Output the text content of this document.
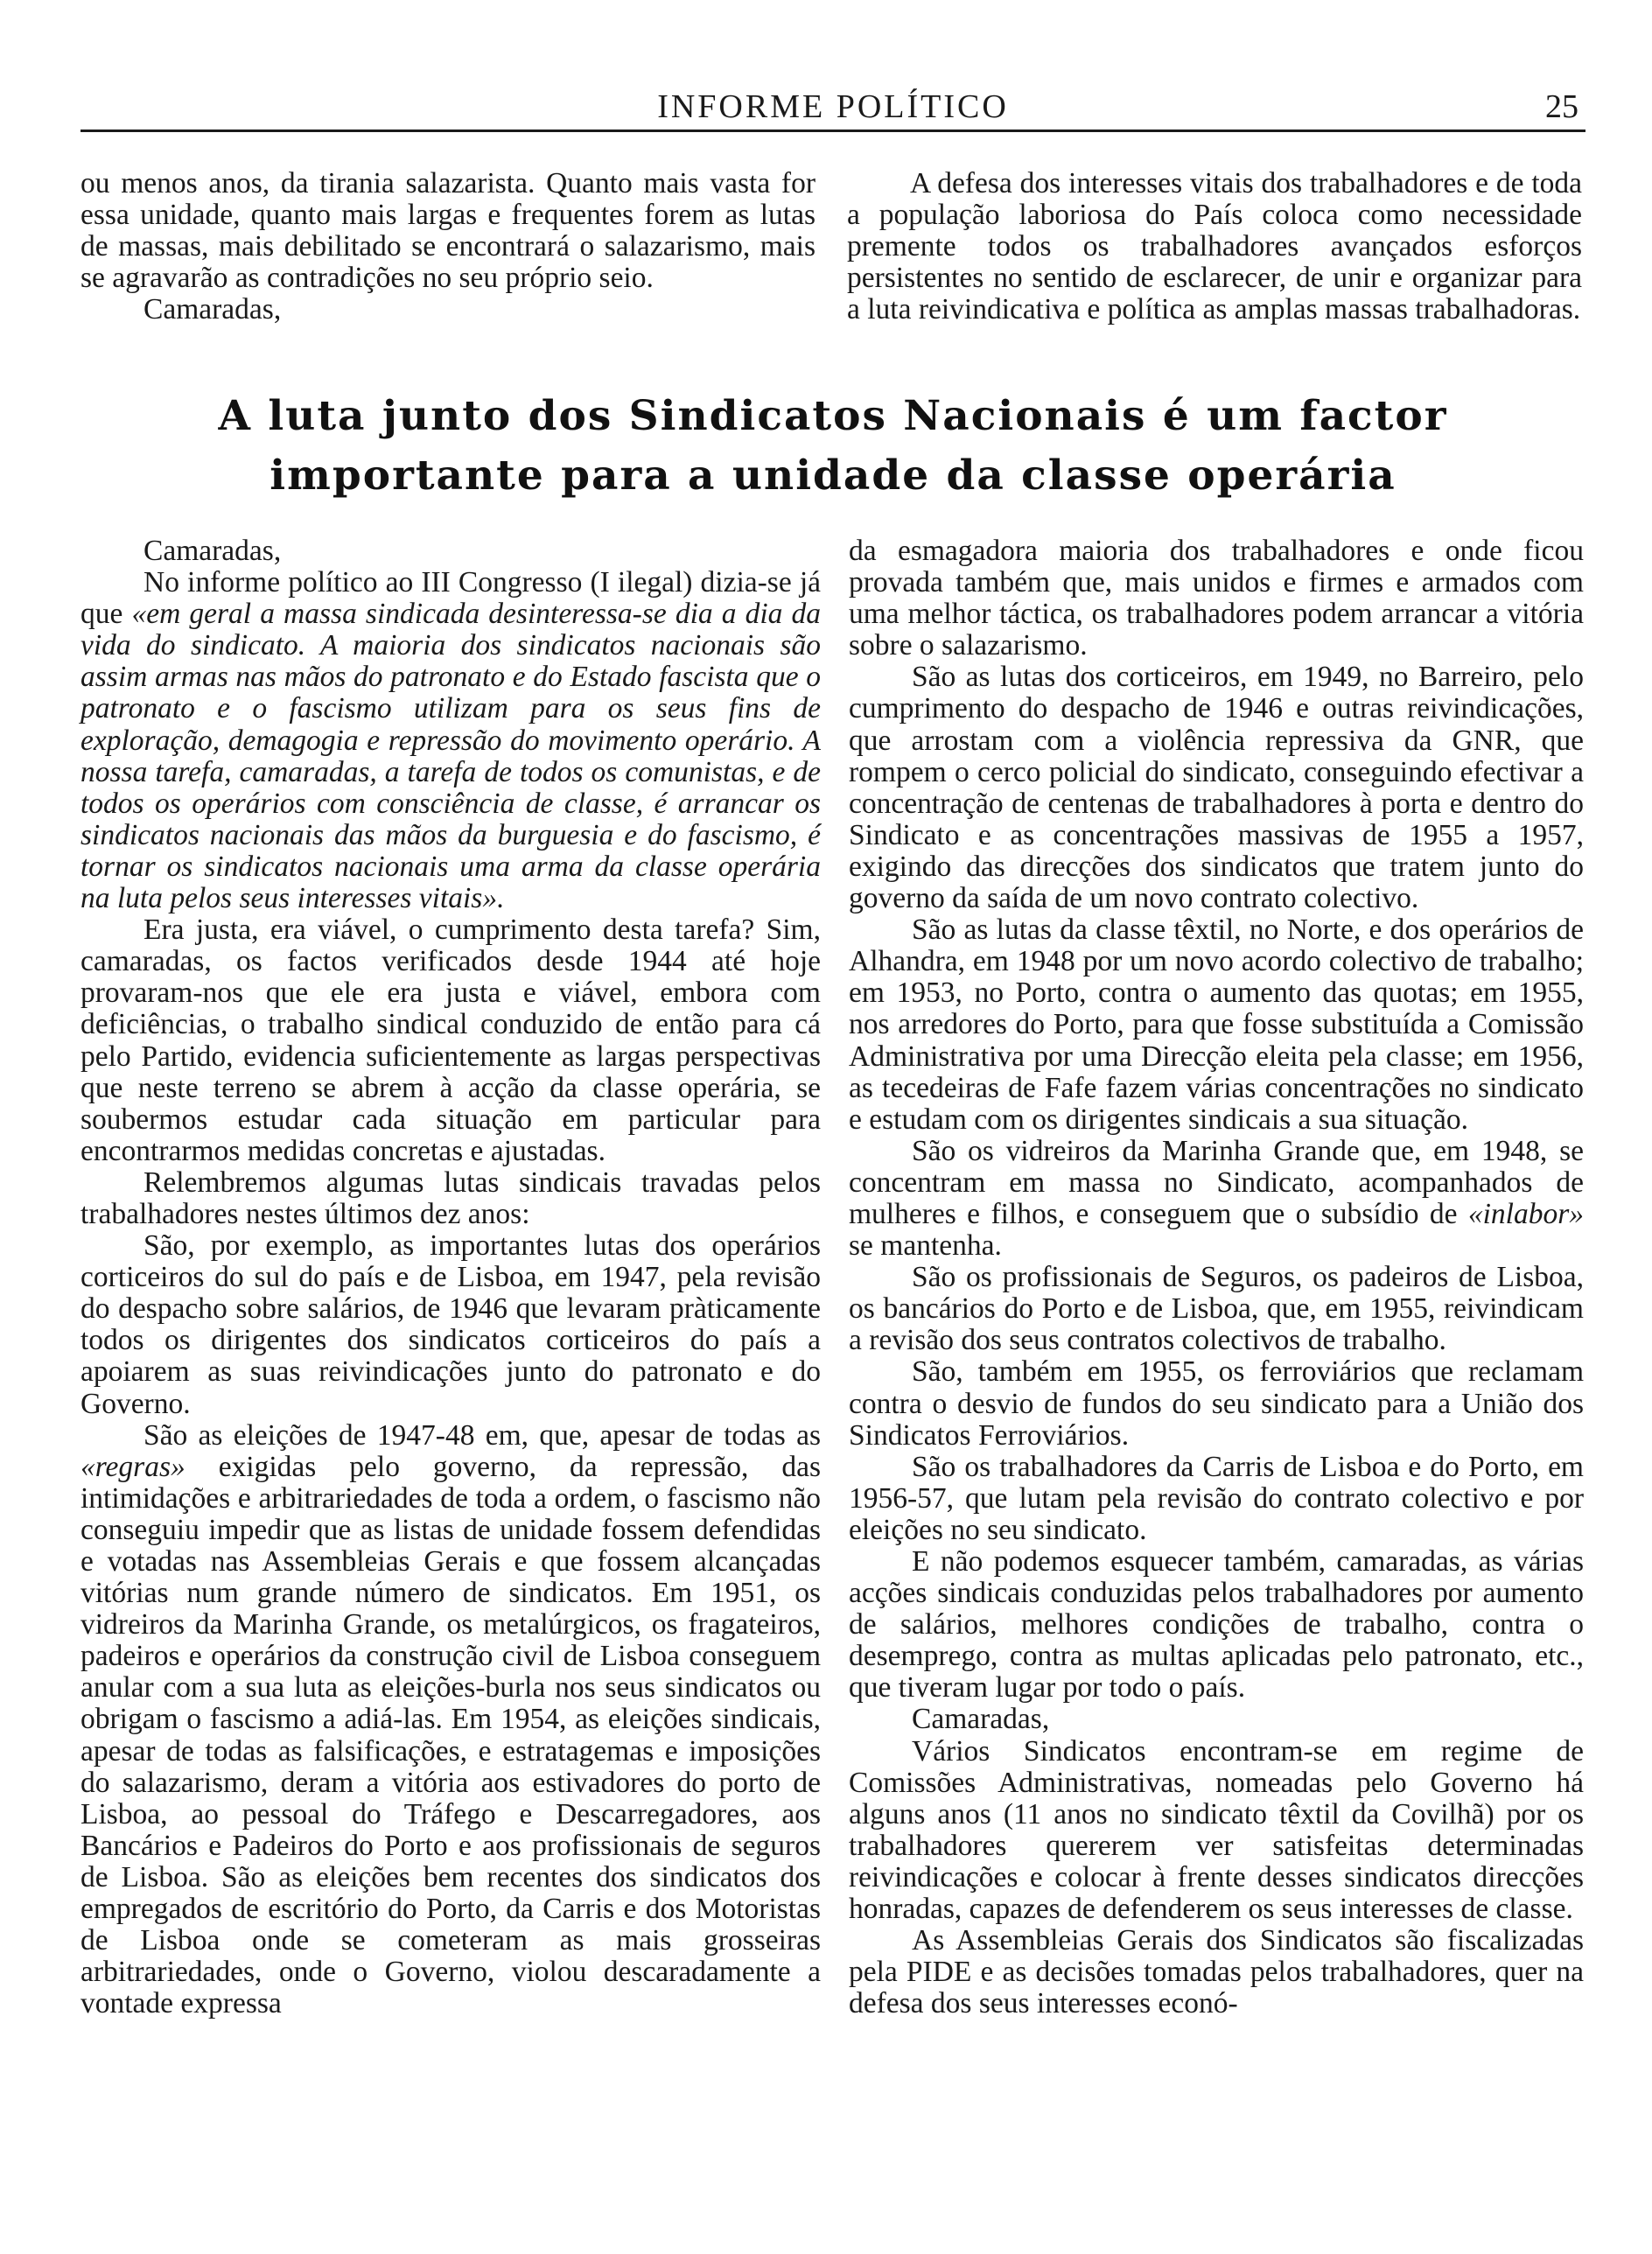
INFORME POLÍTICO	25

ou menos anos, da tirania salazarista. Quanto mais vasta for essa unidade, quanto mais largas e frequentes forem as lutas de massas, mais debilitado se encontrará o salazarismo, mais se agravarão as contradições no seu próprio seio.

Camaradas,

A defesa dos interesses vitais dos trabalhadores e de toda a população laboriosa do País coloca como necessidade premente todos os trabalhadores avançados esforços persistentes no sentido de esclarecer, de unir e organizar para a luta reivindicativa e política as amplas massas trabalhadoras.

A luta junto dos Sindicatos Nacionais é um factor

importante para a unidade da classe operária

Camaradas,

No informe político ao III Congresso (I ilegal) dizia-se já que «em geral a massa sindicada desinteressa-se dia a dia da vida do sindicato. A maioria dos sindicatos nacionais são assim armas nas mãos do patronato e do Estado fascista que o patronato e o fascismo utilizam para os seus fins de exploração, demagogia e repressão do movimento operário. A nossa tarefa, camaradas, a tarefa de todos os comunistas, e de todos os operários com consciência de classe, é arrancar os sindicatos nacionais das mãos da burguesia e do fascismo, é tornar os sindicatos nacionais uma arma da classe operária na luta pelos seus interesses vitais».

Era justa, era viável, o cumprimento desta tarefa? Sim, camaradas, os factos verificados desde 1944 até hoje provaram-nos que ele era justa e viável, embora com deficiências, o trabalho sindical conduzido de então para cá pelo Partido, evidencia suficientemente as largas perspectivas que neste terreno se abrem à acção da classe operária, se soubermos estudar cada situação em particular para encontrarmos medidas concretas e ajustadas.

Relembremos algumas lutas sindicais travadas pelos trabalhadores nestes últimos dez anos:

São, por exemplo, as importantes lutas dos operários corticeiros do sul do país e de Lisboa, em 1947, pela revisão do despacho sobre salários, de 1946 que levaram pràticamente todos os dirigentes dos sindicatos corticeiros do país a apoiarem as suas reivindicações junto do patronato e do Governo.

São as eleições de 1947-48 em, que, apesar de todas as «regras» exigidas pelo governo, da repressão, das intimidações e arbitrariedades de toda a ordem, o fascismo não conseguiu impedir que as listas de unidade fossem defendidas e votadas nas Assembleias Gerais e que fossem alcançadas vitórias num grande número de sindicatos. Em 1951, os vidreiros da Marinha Grande, os metalúrgicos, os fragateiros, padeiros e operários da construção civil de Lisboa conseguem anular com a sua luta as eleições-burla nos seus sindicatos ou obrigam o fascismo a adiá-las. Em 1954, as eleições sindicais, apesar de todas as falsificações, e estratagemas e imposições do salazarismo, deram a vitória aos estivadores do porto de Lisboa, ao pessoal do Tráfego e Descarregadores, aos Bancários e Padeiros do Porto e aos profissionais de seguros de Lisboa. São as eleições bem recentes dos sindicatos dos empregados de escritório do Porto, da Carris e dos Motoristas de Lisboa onde se cometeram as mais grosseiras arbitrariedades, onde o Governo, violou descaradamente a vontade expressa

da esmagadora maioria dos trabalhadores e onde ficou provada também que, mais unidos e firmes e armados com uma melhor táctica, os trabalhadores podem arrancar a vitória sobre o salazarismo.

São as lutas dos corticeiros, em 1949, no Barreiro, pelo cumprimento do despacho de 1946 e outras reivindicações, que arrostam com a violência repressiva da GNR, que rompem o cerco policial do sindicato, conseguindo efectivar a concentração de centenas de trabalhadores à porta e dentro do Sindicato e as concentrações massivas de 1955 a 1957, exigindo das direcções dos sindicatos que tratem junto do governo da saída de um novo contrato colectivo.

São as lutas da classe têxtil, no Norte, e dos operários de Alhandra, em 1948 por um novo acordo colectivo de trabalho; em 1953, no Porto, contra o aumento das quotas; em 1955, nos arredores do Porto, para que fosse substituída a Comissão Administrativa por uma Direcção eleita pela classe; em 1956, as tecedeiras de Fafe fazem várias concentrações no sindicato e estudam com os dirigentes sindicais a sua situação.

São os vidreiros da Marinha Grande que, em 1948, se concentram em massa no Sindicato, acompanhados de mulheres e filhos, e conseguem que o subsídio de «inlabor» se mantenha.

São os profissionais de Seguros, os padeiros de Lisboa, os bancários do Porto e de Lisboa, que, em 1955, reivindicam a revisão dos seus contratos colectivos de trabalho.

São, também em 1955, os ferroviários que reclamam contra o desvio de fundos do seu sindicato para a União dos Sindicatos Ferroviários.

São os trabalhadores da Carris de Lisboa e do Porto, em 1956-57, que lutam pela revisão do contrato colectivo e por eleições no seu sindicato.

E não podemos esquecer também, camaradas, as várias acções sindicais conduzidas pelos trabalhadores por aumento de salários, melhores condições de trabalho, contra o desemprego, contra as multas aplicadas pelo patronato, etc., que tiveram lugar por todo o país.

Camaradas,

Vários Sindicatos encontram-se em regime de Comissões Administrativas, nomeadas pelo Governo há alguns anos (11 anos no sindicato têxtil da Covilhã) por os trabalhadores quererem ver satisfeitas determinadas reivindicações e colocar à frente desses sindicatos direcções honradas, capazes de defenderem os seus interesses de classe.

As Assembleias Gerais dos Sindicatos são fiscalizadas pela PIDE e as decisões tomadas pelos trabalhadores, quer na defesa dos seus interesses econó-
